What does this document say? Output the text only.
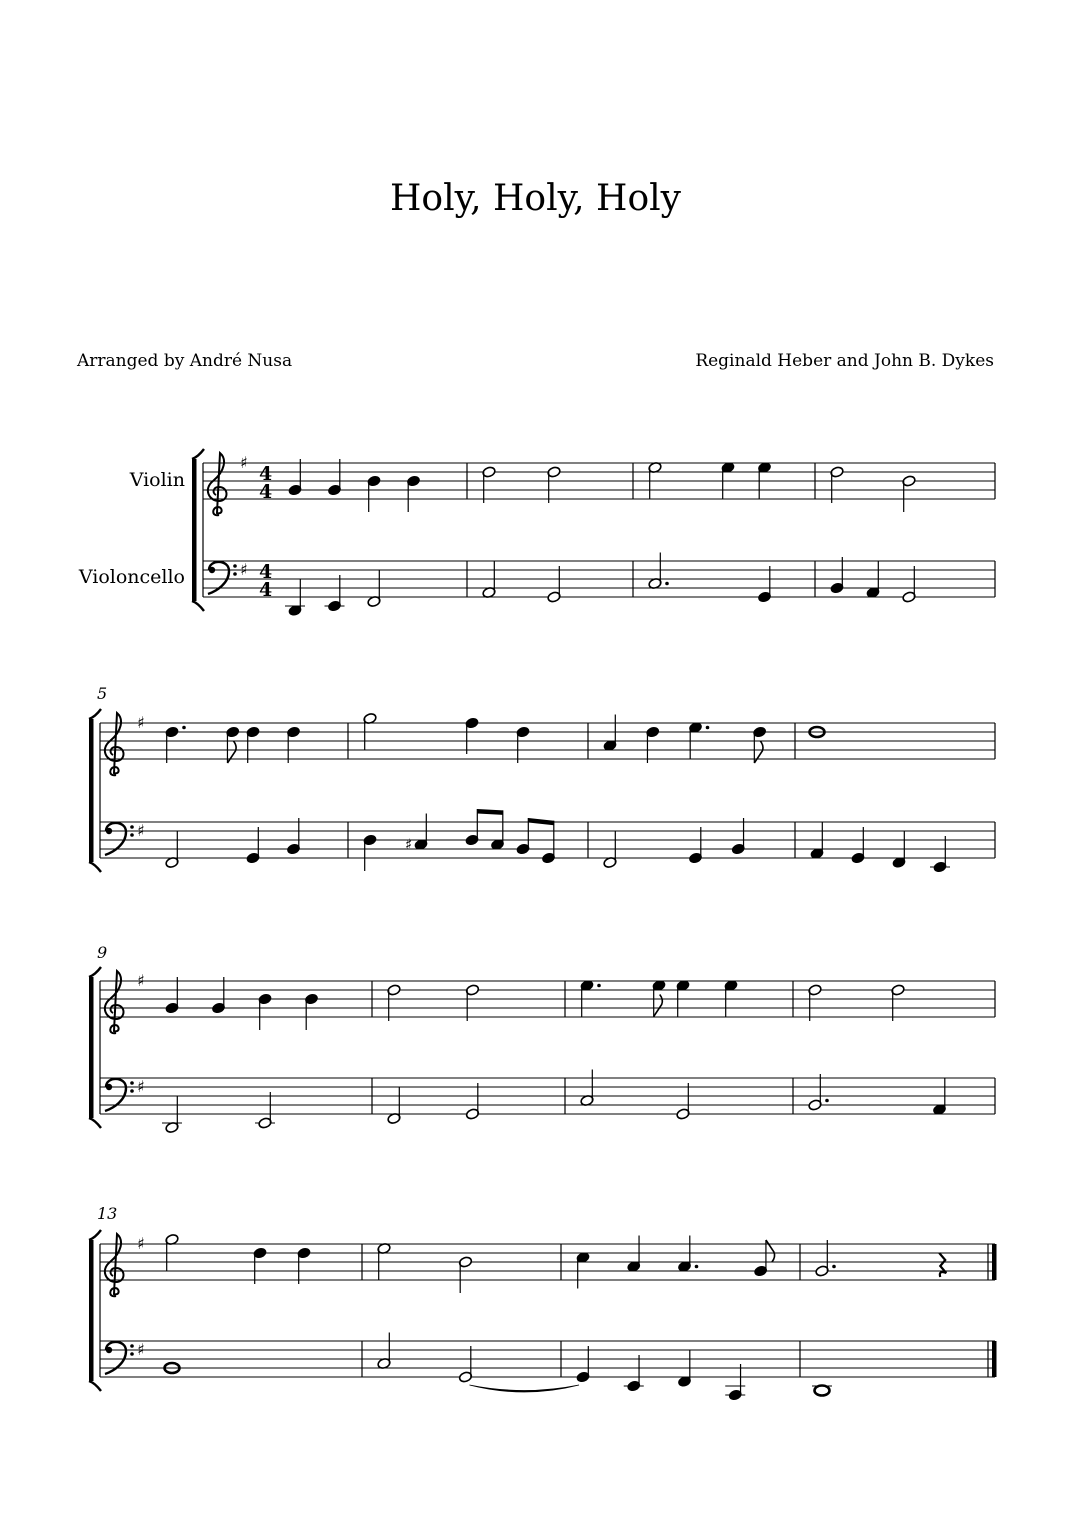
Holy, Holy, Holy
Arranged by André Nusa	Reginald Heber and John B. Dykes
Violin
Violoncello
5
9
13
♯
♯
4
4
4
4
♯
♯
♯
♯
♯
♯
♯
